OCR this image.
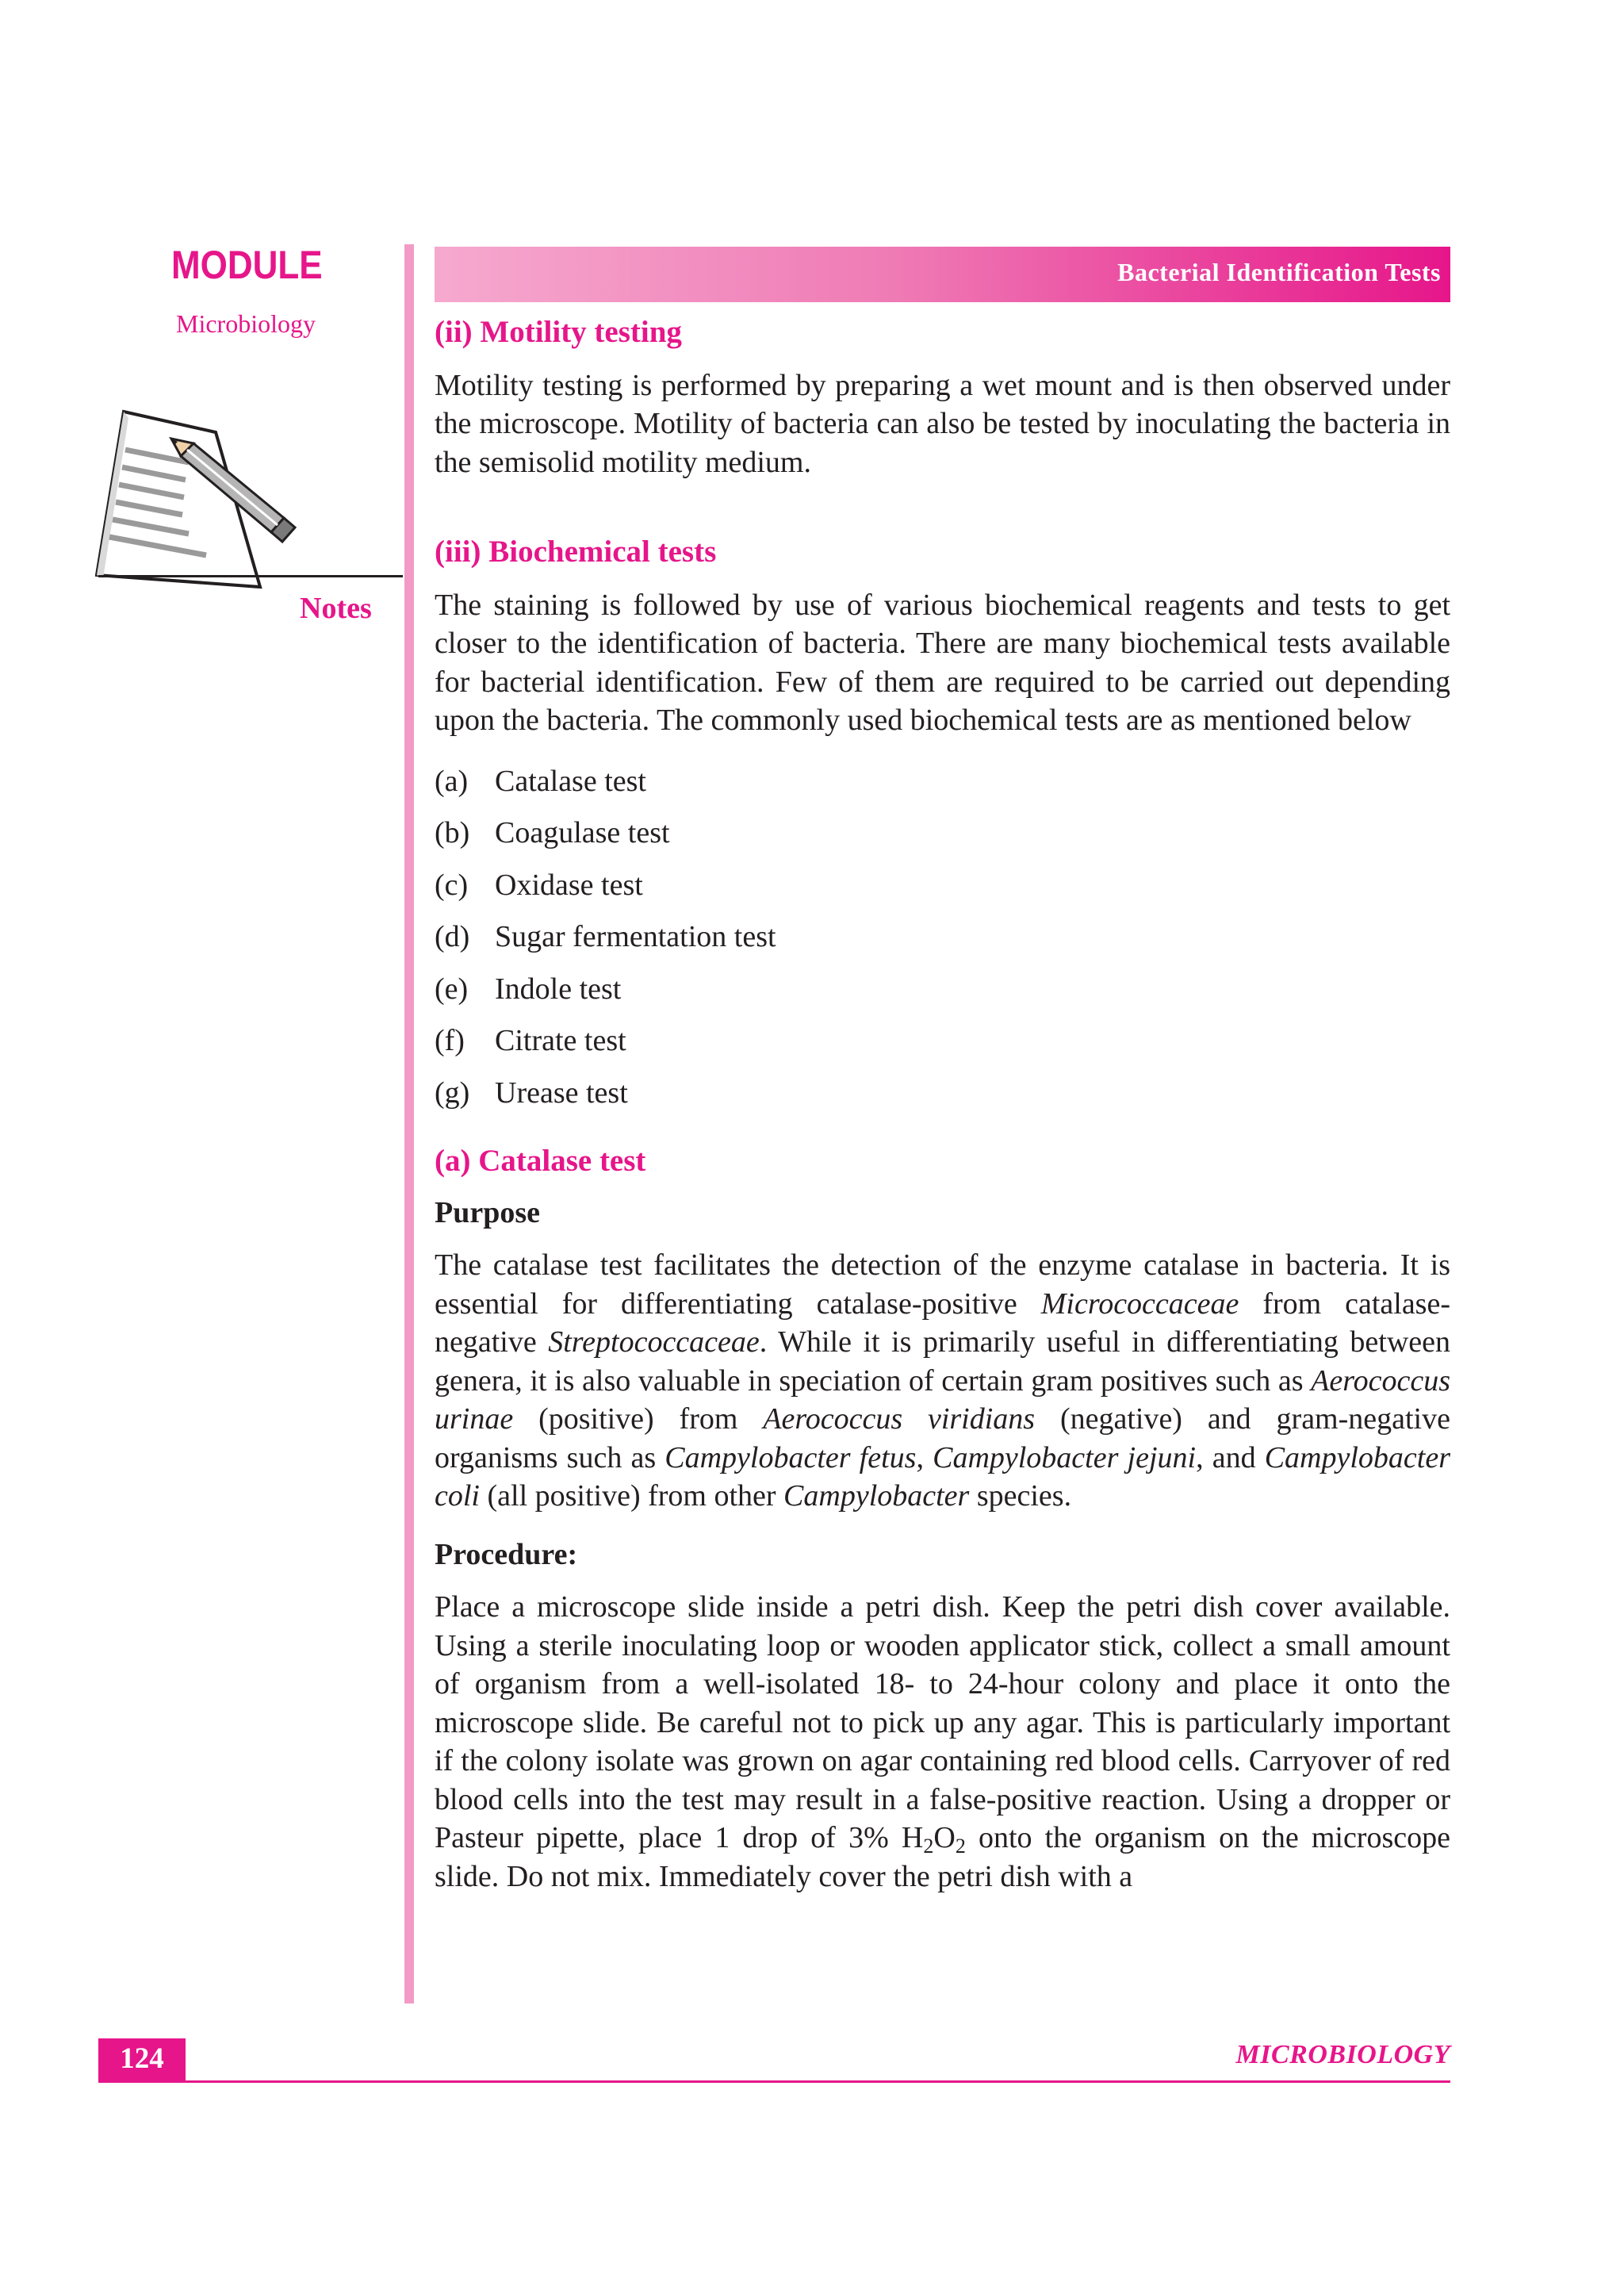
MODULE
Microbiology
Notes
Bacterial Identification Tests
(ii) Motility testing
Motility testing is performed by preparing a wet mount and is then observed under the microscope. Motility of bacteria can also be tested by inoculating the bacteria in the semisolid motility medium.
(iii) Biochemical tests
The staining is followed by use of various biochemical reagents and tests to get closer to the identification of bacteria. There are many biochemical tests available for bacterial identification. Few of them are required to be carried out depending upon the bacteria. The commonly used biochemical tests are as mentioned below
(a) Catalase test
(b) Coagulase test
(c) Oxidase test
(d) Sugar fermentation test
(e) Indole test
(f)	Citrate test
(g) Urease test
(a) Catalase test
Purpose
The catalase test facilitates the detection of the enzyme catalase in bacteria. It is essential for differentiating catalase-positive Micrococcaceae from catalase-negative Streptococcaceae. While it is primarily useful in differentiating between genera, it is also valuable in speciation of certain gram positives such as Aerococcus urinae (positive) from Aerococcus viridians (negative) and gram-negative organisms such as Campylobacter fetus, Campylobacter jejuni, and Campylobacter coli (all positive) from other Campylobacter species.
Procedure:
Place a microscope slide inside a petri dish. Keep the petri dish cover available. Using a sterile inoculating loop or wooden applicator stick, collect a small amount of organism from a well-isolated 18- to 24-hour colony and place it onto the microscope slide. Be careful not to pick up any agar. This is particularly important if the colony isolate was grown on agar containing red blood cells. Carryover of red blood cells into the test may result in a false-positive reaction. Using a dropper or Pasteur pipette, place 1 drop of 3% $H_2O_2$ onto the organism on the microscope slide. Do not mix. Immediately cover the petri dish with a
124	MICROBIOLOGY
